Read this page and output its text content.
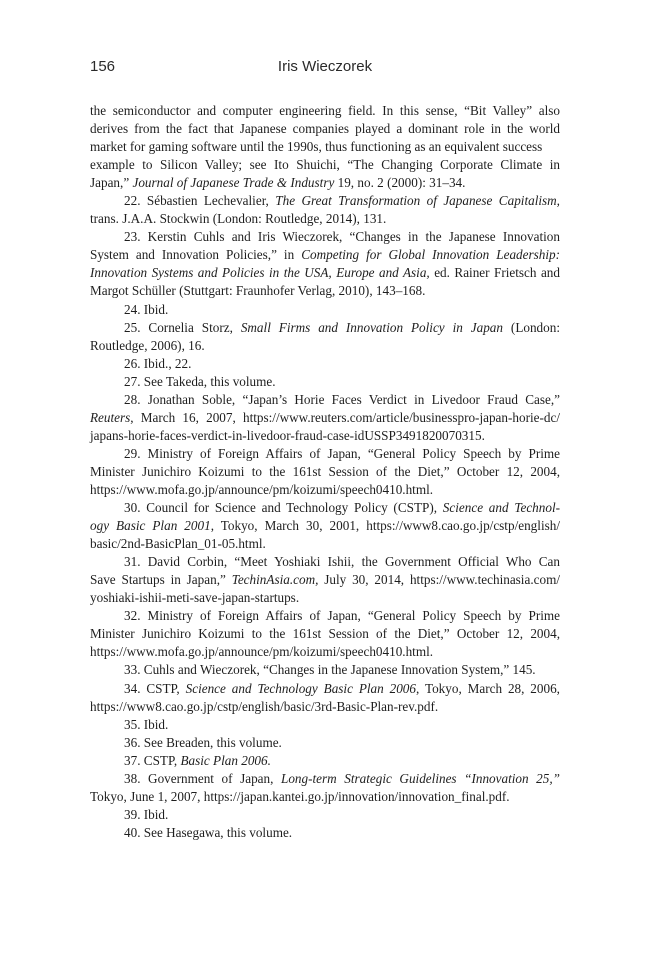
156	Iris Wieczorek
the semiconductor and computer engineering field. In this sense, “Bit Valley” also
derives from the fact that Japanese companies played a dominant role in the world
market for gaming software until the 1990s, thus functioning as an equivalent success
example to Silicon Valley; see Ito Shuichi, “The Changing Corporate Climate in
Japan,” Journal of Japanese Trade & Industry 19, no. 2 (2000): 31–34.
22. Sébastien Lechevalier, The Great Transformation of Japanese Capitalism,
trans. J.A.A. Stockwin (London: Routledge, 2014), 131.
23. Kerstin Cuhls and Iris Wieczorek, “Changes in the Japanese Innovation
System and Innovation Policies,” in Competing for Global Innovation Leadership:
Innovation Systems and Policies in the USA, Europe and Asia, ed. Rainer Frietsch and
Margot Schüller (Stuttgart: Fraunhofer Verlag, 2010), 143–168.
24. Ibid.
25. Cornelia Storz, Small Firms and Innovation Policy in Japan (London:
Routledge, 2006), 16.
26. Ibid., 22.
27. See Takeda, this volume.
28. Jonathan Soble, “Japan’s Horie Faces Verdict in Livedoor Fraud Case,”
Reuters, March 16, 2007, https://www.reuters.com/article/businesspro-japan-horie-dc/
japans-horie-faces-verdict-in-livedoor-fraud-case-idUSSP3491820070315.
29. Ministry of Foreign Affairs of Japan, “General Policy Speech by Prime
Minister Junichiro Koizumi to the 161st Session of the Diet,” October 12, 2004,
https://www.mofa.go.jp/announce/pm/koizumi/speech0410.html.
30. Council for Science and Technology Policy (CSTP), Science and Technol-
ogy Basic Plan 2001, Tokyo, March 30, 2001, https://www8.cao.go.jp/cstp/english/
basic/2nd-BasicPlan_01-05.html.
31. David Corbin, “Meet Yoshiaki Ishii, the Government Official Who Can
Save Startups in Japan,” TechinAsia.com, July 30, 2014, https://www.techinasia.com/
yoshiaki-ishii-meti-save-japan-startups.
32. Ministry of Foreign Affairs of Japan, “General Policy Speech by Prime
Minister Junichiro Koizumi to the 161st Session of the Diet,” October 12, 2004,
https://www.mofa.go.jp/announce/pm/koizumi/speech0410.html.
33. Cuhls and Wieczorek, “Changes in the Japanese Innovation System,” 145.
34. CSTP, Science and Technology Basic Plan 2006, Tokyo, March 28, 2006,
https://www8.cao.go.jp/cstp/english/basic/3rd-Basic-Plan-rev.pdf.
35. Ibid.
36. See Breaden, this volume.
37. CSTP, Basic Plan 2006.
38. Government of Japan, Long-term Strategic Guidelines “Innovation 25,”
Tokyo, June 1, 2007, https://japan.kantei.go.jp/innovation/innovation_final.pdf.
39. Ibid.
40. See Hasegawa, this volume.
